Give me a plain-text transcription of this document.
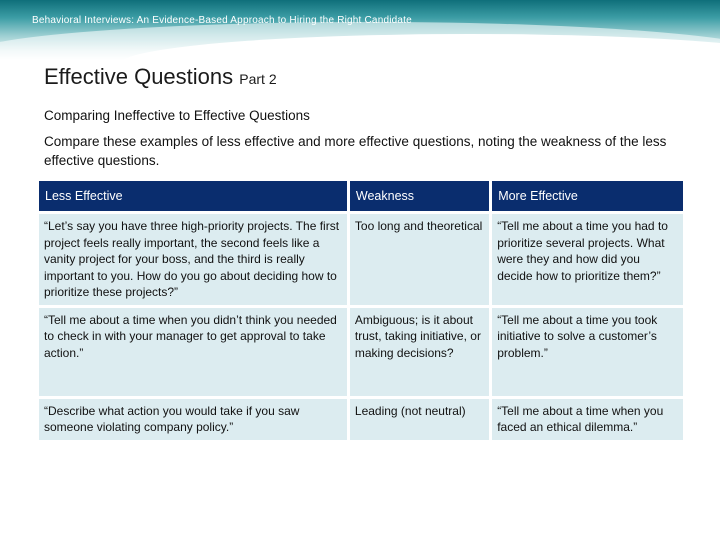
Behavioral Interviews: An Evidence-Based Approach to Hiring the Right Candidate
Effective Questions Part 2
Comparing Ineffective to Effective Questions
Compare these examples of less effective and more effective questions, noting the weakness of the less effective questions.
Less Effective	Weakness	More Effective
“Let’s say you have three high-priority projects. The first project feels really important, the second feels like a vanity project for your boss, and the third is really important to you. How do you go about deciding how to prioritize these projects?”	Too long and theoretical	“Tell me about a time you had to prioritize several projects. What were they and how did you decide how to prioritize them?”
“Tell me about a time when you didn’t think you needed to check in with your manager to get approval to take action.”	Ambiguous; is it about trust, taking initiative, or making decisions?	“Tell me about a time you took initiative to solve a customer’s problem.”
“Describe what action you would take if you saw someone violating company policy.”	Leading (not neutral)	“Tell me about a time when you faced an ethical dilemma.”
